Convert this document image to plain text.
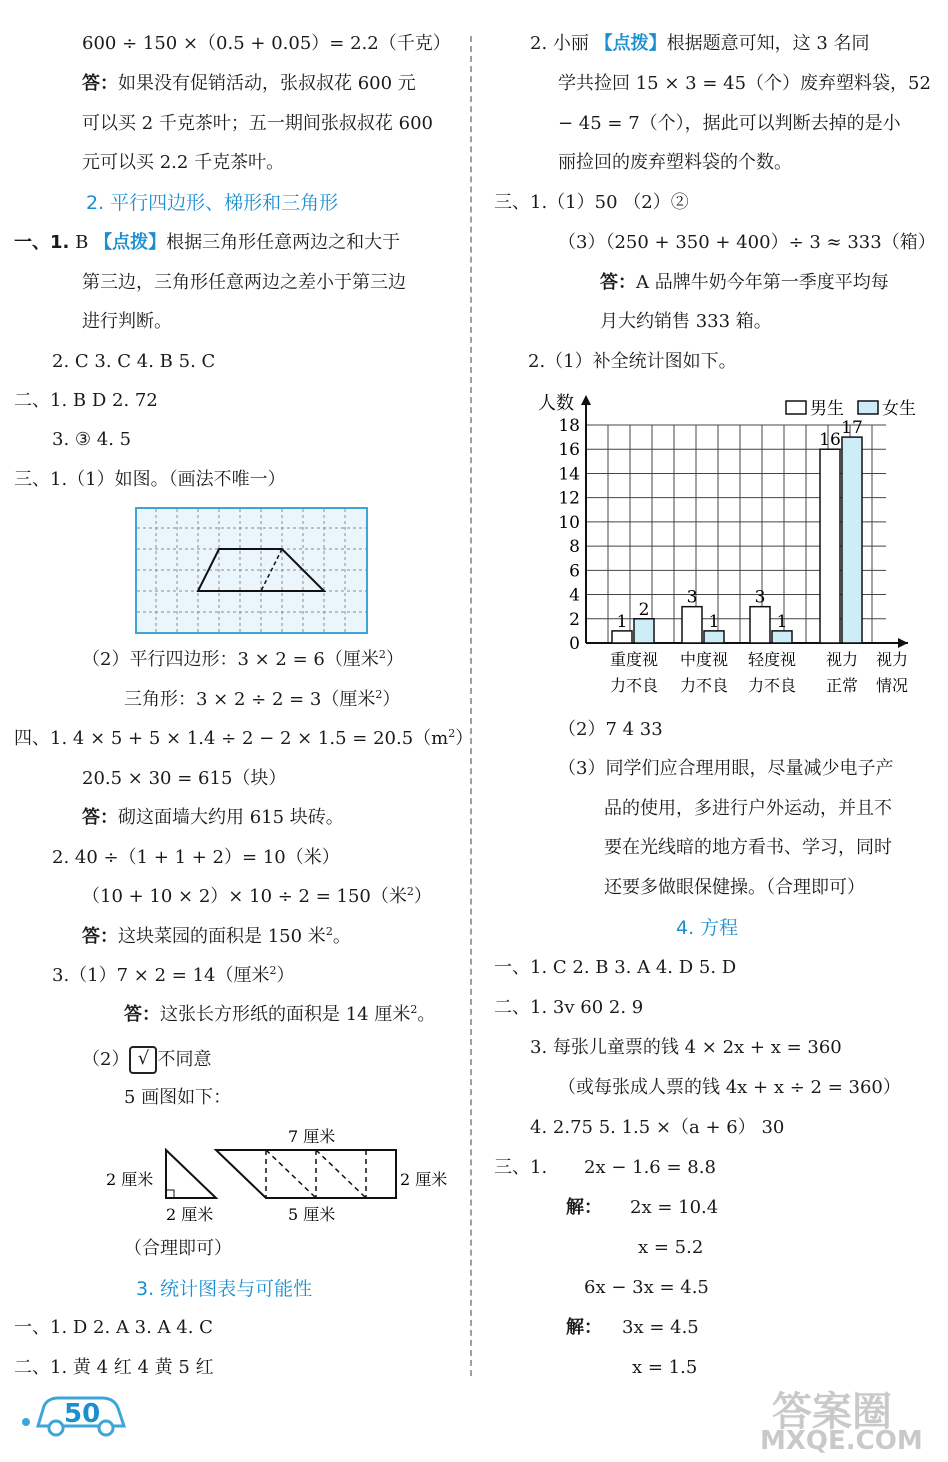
600 ÷ 150 ×（0.5 + 0.05）= 2.2（千克）
答：如果没有促销活动，张叔叔花 600 元
可以买 2 千克茶叶；五一期间张叔叔花 600
元可以买 2.2 千克茶叶。
2. 平行四边形、梯形和三角形
一、1. B 【点拨】根据三角形任意两边之和大于
第三边，三角形任意两边之差小于第三边
进行判断。
2. C 3. C 4. B 5. C
二、1. B D 2. 72
3. ③ 4. 5
三、1.（1）如图。（画法不唯一）
（2）平行四边形：3 × 2 = 6（厘米$^2$）
三角形：3 × 2 ÷ 2 = 3（厘米$^2$）
四、1. $4 \times 5 + 5 \times 1.4 \div 2 - 2 \times 1.5 = 20.5(m^2)$
20.5 × 30 = 615（块）
答：砌这面墙大约用 615 块砖。
2. 40 ÷（1 + 1 + 2）= 10（米）
（10 + 10 × 2）× 10 ÷ 2 = 150（米$^2$）
答：这块菜园的面积是 150 米$^2$。
3.（1）7 × 2 = 14（厘米$^2$）
答：这张长方形纸的面积是 14 厘米$^2$。
（2） √ 不同意
5 画图如下：
2 厘米
2 厘米
7 厘米
5 厘米
2 厘米
（合理即可）
3. 统计图表与可能性
一、1. D 2. A 3. A 4. C
二、1. 黄 4 红 4 黄 5 红
2. 小丽 【点拨】根据题意可知，这 3 名同
学共捡回 15 × 3 = 45（个）废弃塑料袋，52
− 45 = 7（个），据此可以判断去掉的是小
丽捡回的废弃塑料袋的个数。
三、1.（1）50 （2）②
（3）（250 + 350 + 400）÷ 3 ≈ 333（箱）
答：A 品牌牛奶今年第一季度平均每
月大约销售 333 箱。
2.（1）补全统计图如下。
0
2
4
6
8
10
12
14
16
18
人数	男生 女生
1
2
重度视
力不良
3
1
中度视
力不良
3
1
轻度视
力不良
16
17
视力
正常
视力
情况
（2）7 4 33
（3）同学们应合理用眼，尽量减少电子产
品的使用，多进行户外运动，并且不
要在光线暗的地方看书、学习，同时
还要多做眼保健操。（合理即可）
4. 方程
一、1. C 2. B 3. A 4. D 5. D
二、1. 3v 60 2. 9
3. 每张儿童票的钱 4 × 2x + x = 360
（或每张成人票的钱 4x + x ÷ 2 = 360）
4. 2.75 5. 1.5 ×（a + 6） 30
三、1. 2x − 1.6 = 8.8
解： 2x = 10.4
x = 5.2
6x − 3x = 4.5
解： 3x = 4.5
x = 1.5
50	答案圈
MXQE.COM
